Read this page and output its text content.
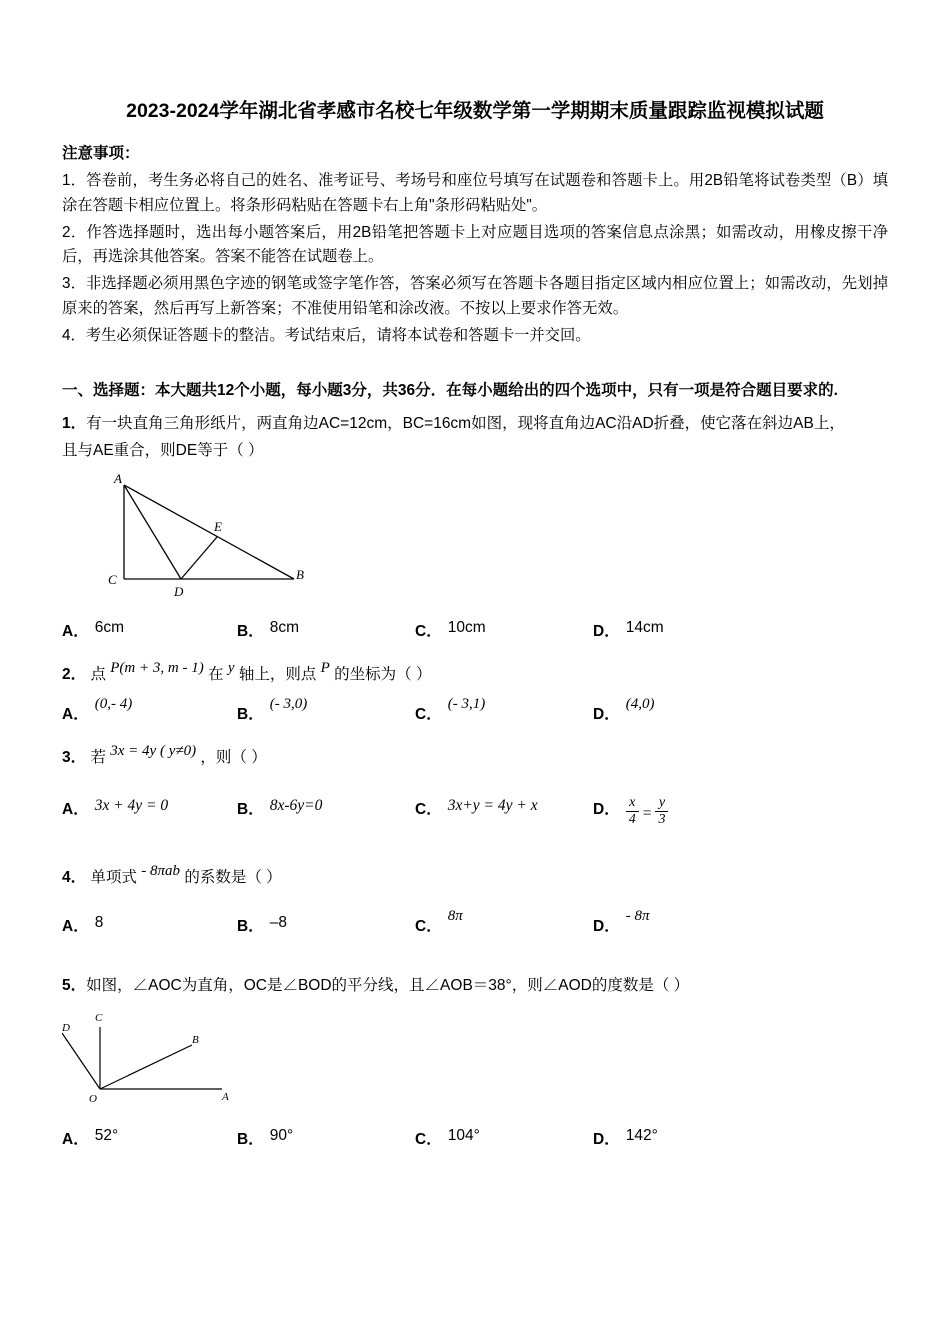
2023-2024学年湖北省孝感市名校七年级数学第一学期期末质量跟踪监视模拟试题
注意事项：
1．答卷前，考生务必将自己的姓名、准考证号、考场号和座位号填写在试题卷和答题卡上。用2B铅笔将试卷类型（B）填涂在答题卡相应位置上。将条形码粘贴在答题卡右上角"条形码粘贴处"。
2．作答选择题时，选出每小题答案后，用2B铅笔把答题卡上对应题目选项的答案信息点涂黑；如需改动，用橡皮擦干净后，再选涂其他答案。答案不能答在试题卷上。
3．非选择题必须用黑色字迹的钢笔或签字笔作答，答案必须写在答题卡各题目指定区域内相应位置上；如需改动，先划掉原来的答案，然后再写上新答案；不准使用铅笔和涂改液。不按以上要求作答无效。
4．考生必须保证答题卡的整洁。考试结束后，请将本试卷和答题卡一并交回。
一、选择题：本大题共12个小题，每小题3分，共36分．在每小题给出的四个选项中，只有一项是符合题目要求的.
1．有一块直角三角形纸片，两直角边AC=12cm，BC=16cm如图，现将直角边AC沿AD折叠，使它落在斜边AB上，
且与AE重合，则DE等于（ ）
A
B
C
D
E
A． 6cm	B． 8cm	C． 10cm	D． 14cm
2． 点 P(m + 3, m - 1) 在 y 轴上，则点 P 的坐标为（ ）
A．
(0,- 4)
B．
(- 3,0)
C．
(- 3,1)
D．
(4,0)
3． 若 3x = 4y ( y≠0) ，则（ ）
A． 3x + 4y = 0	B． 8x-6y=0	C． 3x+y = 4y + x	D． $\frac{x}{4} = \frac{y}{3}$
4． 单项式 - 8πab 的系数是（ ）
A． 8	B． –8	C．
8π
D．
- 8π
5．如图，∠AOC为直角，OC是∠BOD的平分线，且∠AOB＝38°，则∠AOD的度数是（ ）
C
B
D
O	A
A． 52°	B． 90°	C． 104°	D． 142°
